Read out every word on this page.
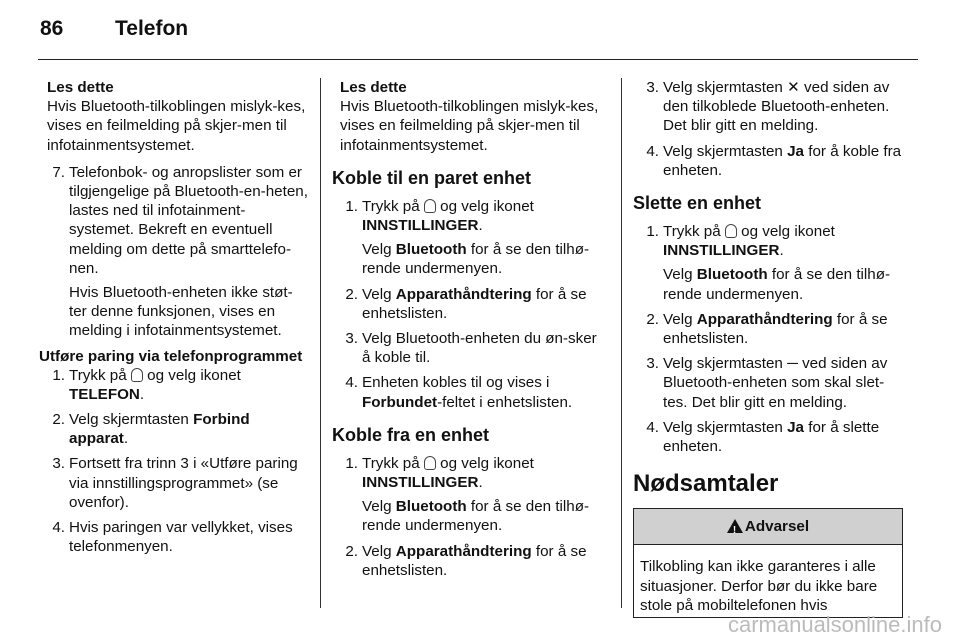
86 Telefon
Les dette

Hvis Bluetooth-tilkoblingen mislyk-kes, vises en feilmelding på skjer-men til infotainmentsystemet.

7. Telefonbok- og anropslister som er tilgjengelige på Bluetooth-en-heten, lastes ned til infotainment-systemet. Bekreft en eventuell melding om dette på smarttelefo-nen.

Hvis Bluetooth-enheten ikke støt-ter denne funksjonen, vises en melding i infotainmentsystemet.

Utføre paring via telefonprogrammet
1. Trykk på og velg ikonet TELEFON.
2. Velg skjermtasten Forbind apparat.
3. Fortsett fra trinn 3 i «Utføre paring via innstillingsprogrammet» (se ovenfor).
4. Hvis paringen var vellykket, vises telefonmenyen.
Les dette

Hvis Bluetooth-tilkoblingen mislyk-kes, vises en feilmelding på skjer-men til infotainmentsystemet.

Koble til en paret enhet
1. Trykk på og velg ikonet INNSTILLINGER.

Velg Bluetooth for å se den tilhø-rende undermenyen.

2. Velg Apparathåndtering for å se enhetslisten.
3. Velg Bluetooth-enheten du øn-sker å koble til.
4. Enheten kobles til og vises i Forbundet-feltet i enhetslisten.
Koble fra en enhet
1. Trykk på og velg ikonet INNSTILLINGER.

Velg Bluetooth for å se den tilhø-rende undermenyen.

2. Velg Apparathåndtering for å se enhetslisten.
3. Velg skjermtasten ✕ ved siden av den tilkoblede Bluetooth-enheten. Det blir gitt en melding.
4. Velg skjermtasten Ja for å koble fra enheten.
Slette en enhet
1. Trykk på og velg ikonet INNSTILLINGER.

Velg Bluetooth for å se den tilhø-rende undermenyen.

2. Velg Apparathåndtering for å se enhetslisten.
3. Velg skjermtasten ─ ved siden av Bluetooth-enheten som skal slet-tes. Det blir gitt en melding.
4. Velg skjermtasten Ja for å slette enheten.
Nødsamtaler
!Advarsel
Tilkobling kan ikke garanteres i alle situasjoner. Derfor bør du ikke bare stole på mobiltelefonen hvis
carmanualsonline.info
